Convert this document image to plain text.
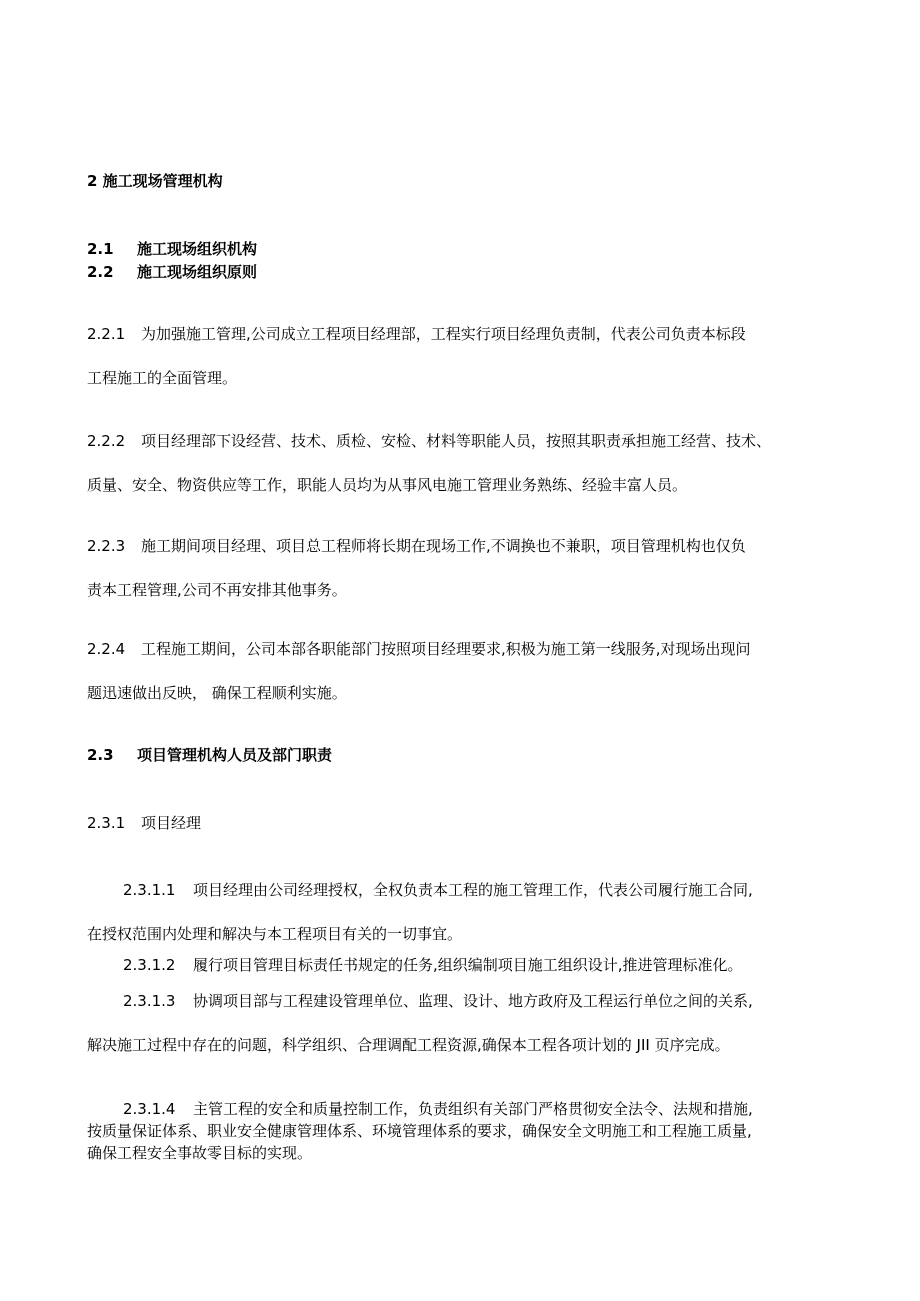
2 施工现场管理机构
2.1 施工现场组织机构
2.2 施工现场组织原则
2.2.1 为加强施工管理,公司成立工程项目经理部，工程实行项目经理负责制，代表公司负责本标段
工程施工的全面管理。
2.2.2 项目经理部下设经营、技术、质检、安检、材料等职能人员，按照其职责承担施工经营、技术、
质量、安全、物资供应等工作，职能人员均为从事风电施工管理业务熟练、经验丰富人员。
2.2.3 施工期间项目经理、项目总工程师将长期在现场工作,不调换也不兼职，项目管理机构也仅负
责本工程管理,公司不再安排其他事务。
2.2.4 工程施工期间，公司本部各职能部门按照项目经理要求,积极为施工第一线服务,对现场出现问
题迅速做出反映， 确保工程顺利实施。
2.3 项目管理机构人员及部门职责
2.3.1 项目经理
2.3.1.1 项目经理由公司经理授权，全权负责本工程的施工管理工作，代表公司履行施工合同,
在授权范围内处理和解决与本工程项目有关的一切事宜。
2.3.1.2 履行项目管理目标责任书规定的任务,组织编制项目施工组织设计,推进管理标准化。
2.3.1.3 协调项目部与工程建设管理单位、监理、设计、地方政府及工程运行单位之间的关系,
解决施工过程中存在的问题，科学组织、合理调配工程资源,确保本工程各项计划的 JII 页序完成。
2.3.1.4 主管工程的安全和质量控制工作，负责组织有关部门严格贯彻安全法令、法规和措施,
按质量保证体系、职业安全健康管理体系、环境管理体系的要求，确保安全文明施工和工程施工质量,
确保工程安全事故零目标的实现。
